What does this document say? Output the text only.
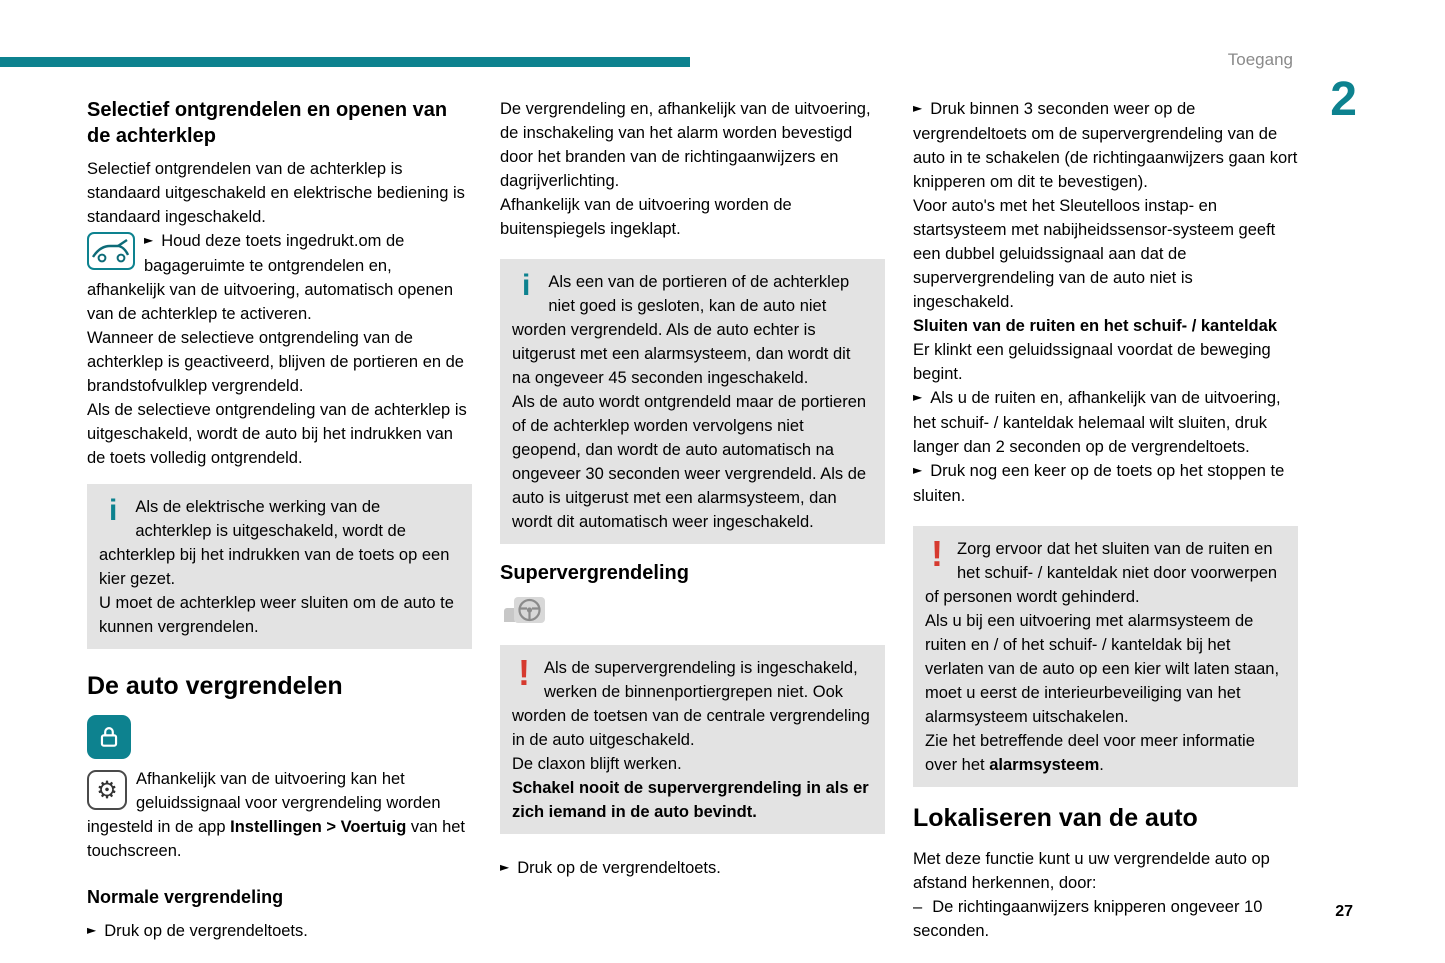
Toegang
2
Selectief ontgrendelen en openen van de achterklep

Selectief ontgrendelen van de achterklep is standaard uitgeschakeld en elektrische bediening is standaard ingeschakeld.

► Houd deze toets ingedrukt.om de bagageruimte te ontgrendelen en, afhankelijk van de uitvoering, automatisch openen van de achterklep te activeren.

Wanneer de selectieve ontgrendeling van de achterklep is geactiveerd, blijven de portieren en de brandstofvulklep vergrendeld.

Als de selectieve ontgrendeling van de achterklep is uitgeschakeld, wordt de auto bij het indrukken van de toets volledig ontgrendeld.

i	Als de elektrische werking van de achterklep is uitgeschakeld, wordt de achterklep bij het indrukken van de toets op een kier gezet.

U moet de achterklep weer sluiten om de auto te kunnen vergrendelen.

De auto vergrendelen

⚙ Afhankelijk van de uitvoering kan het geluidssignaal voor vergrendeling worden ingesteld in de app Instellingen > Voertuig van het touchscreen.

Normale vergrendeling

► Druk op de vergrendeltoets.

De vergrendeling en, afhankelijk van de uitvoering, de inschakeling van het alarm worden bevestigd door het branden van de richtingaanwijzers en dagrijverlichting.

Afhankelijk van de uitvoering worden de buitenspiegels ingeklapt.

i	Als een van de portieren of de achterklep niet goed is gesloten, kan de auto niet worden vergrendeld. Als de auto echter is uitgerust met een alarmsysteem, dan wordt dit na ongeveer 45 seconden ingeschakeld.

Als de auto wordt ontgrendeld maar de portieren of de achterklep worden vervolgens niet geopend, dan wordt de auto automatisch na ongeveer 30 seconden weer vergrendeld. Als de auto is uitgerust met een alarmsysteem, dan wordt dit automatisch weer ingeschakeld.

Supervergrendeling
! Als de supervergrendeling is ingeschakeld, werken de binnenportiergrepen niet. Ook worden de toetsen van de centrale vergrendeling in de auto uitgeschakeld.

De claxon blijft werken.

Schakel nooit de supervergrendeling in als er zich iemand in de auto bevindt.

► Druk op de vergrendeltoets.

► Druk binnen 3 seconden weer op de vergrendeltoets om de supervergrendeling van de auto in te schakelen (de richtingaanwijzers gaan kort knipperen om dit te bevestigen).

Voor auto's met het Sleutelloos instap- en startsysteem met nabijheidssensor-systeem geeft een dubbel geluidssignaal aan dat de supervergrendeling van de auto niet is ingeschakeld.

Sluiten van de ruiten en het schuif- / kanteldak

Er klinkt een geluidssignaal voordat de beweging begint.

► Als u de ruiten en, afhankelijk van de uitvoering, het schuif- / kanteldak helemaal wilt sluiten, druk langer dan 2 seconden op de vergrendeltoets.

► Druk nog een keer op de toets op het stoppen te sluiten.

! Zorg ervoor dat het sluiten van de ruiten en het schuif- / kanteldak niet door voorwerpen of personen wordt gehinderd.

Als u bij een uitvoering met alarmsysteem de ruiten en / of het schuif- / kanteldak bij het verlaten van de auto op een kier wilt laten staan, moet u eerst de interieurbeveiliging van het alarmsysteem uitschakelen.

Zie het betreffende deel voor meer informatie over het alarmsysteem.

Lokaliseren van de auto

Met deze functie kunt u uw vergrendelde auto op afstand herkennen, door:

– De richtingaanwijzers knipperen ongeveer 10 seconden.

27
